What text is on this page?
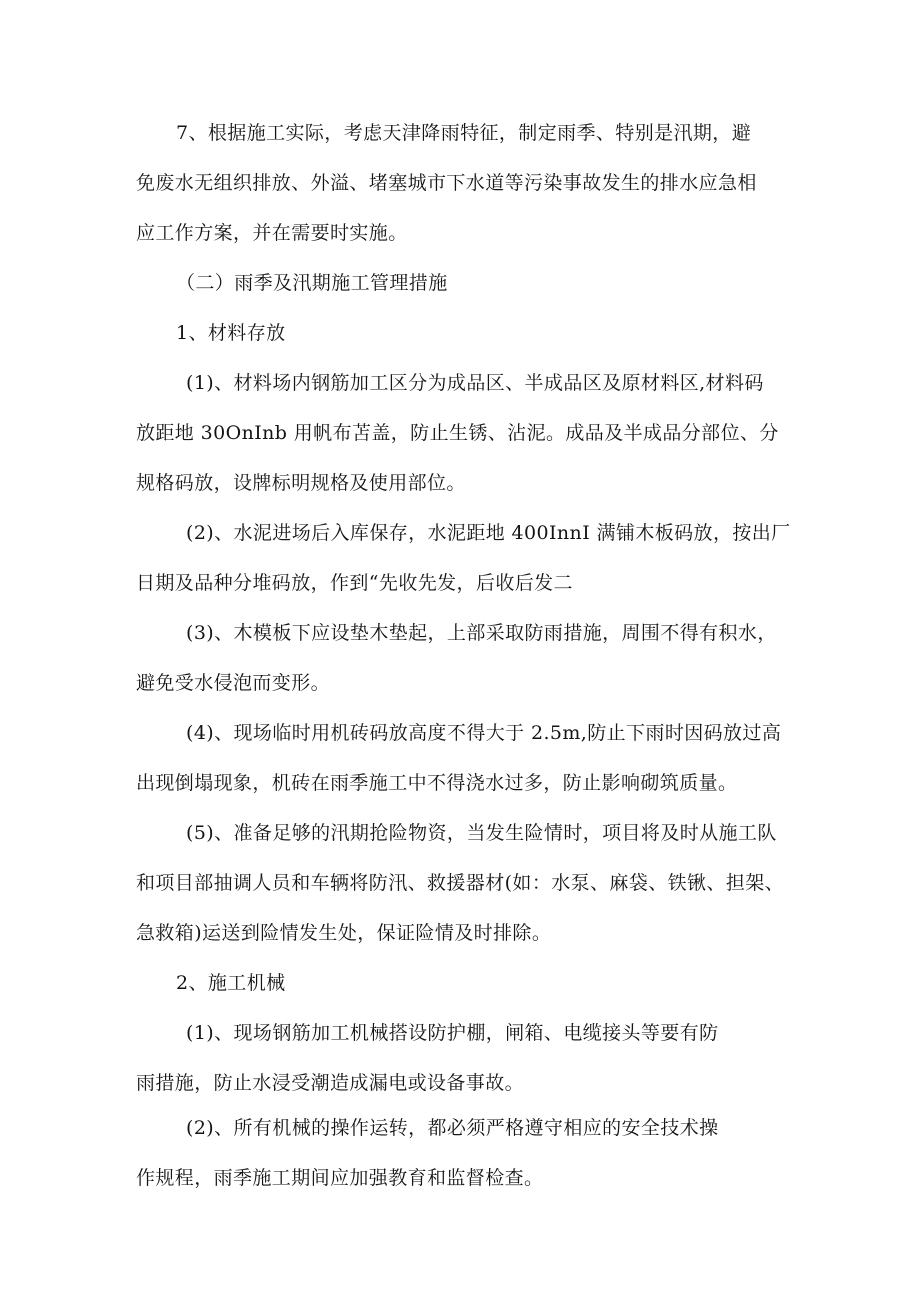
7、根据施工实际，考虑天津降雨特征，制定雨季、特别是汛期，避
免废水无组织排放、外溢、堵塞城市下水道等污染事故发生的排水应急相
应工作方案，并在需要时实施。
（二）雨季及汛期施工管理措施
1、材料存放
(1)、材料场内钢筋加工区分为成品区、半成品区及原材料区,材料码
放距地 30OnInb 用帆布苫盖，防止生锈、沾泥。成品及半成品分部位、分
规格码放，设牌标明规格及使用部位。
(2)、水泥进场后入库保存，水泥距地 400InnI 满铺木板码放，按出厂
日期及品种分堆码放，作到“先收先发，后收后发二
(3)、木模板下应设垫木垫起，上部采取防雨措施，周围不得有积水，
避免受水侵泡而变形。
(4)、现场临时用机砖码放高度不得大于 2.5m,防止下雨时因码放过高
出现倒塌现象，机砖在雨季施工中不得浇水过多，防止影响砌筑质量。
(5)、准备足够的汛期抢险物资，当发生险情时，项目将及时从施工队
和项目部抽调人员和车辆将防汛、救援器材(如：水泵、麻袋、铁锹、担架、
急救箱)运送到险情发生处，保证险情及时排除。
2、施工机械
(1)、现场钢筋加工机械搭设防护棚，闸箱、电缆接头等要有防
雨措施，防止水浸受潮造成漏电或设备事故。
(2)、所有机械的操作运转，都必须严格遵守相应的安全技术操
作规程，雨季施工期间应加强教育和监督检查。
